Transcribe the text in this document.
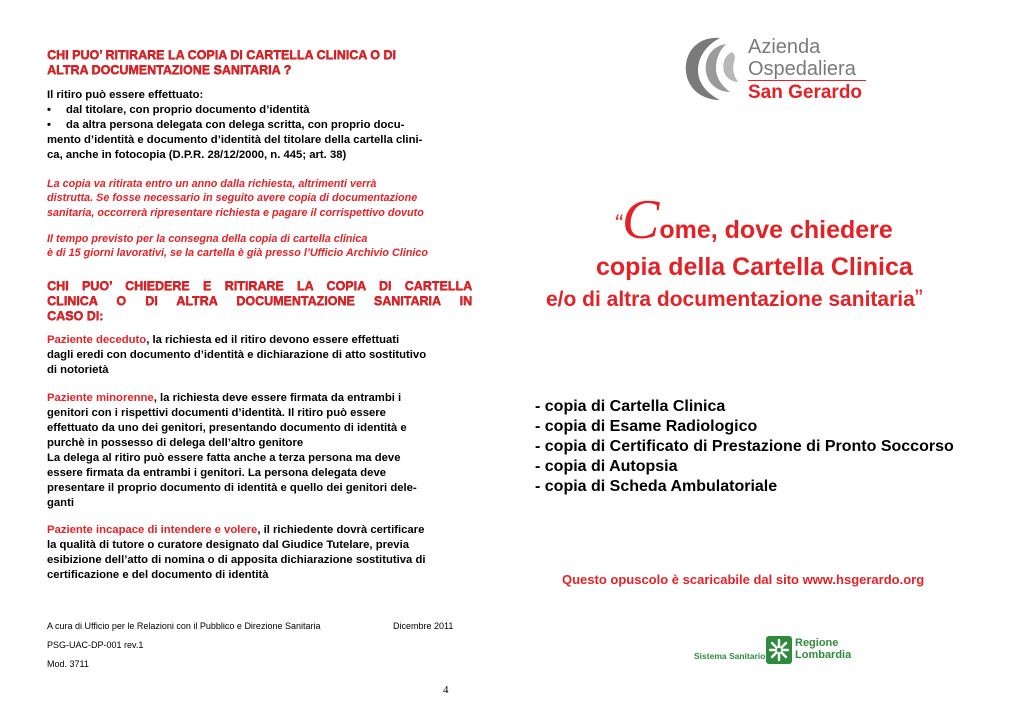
CHI PUO’ RITIRARE LA COPIA DI CARTELLA CLINICA O DI
ALTRA DOCUMENTAZIONE SANITARIA ?
Il ritiro può essere effettuato:
•	dal titolare, con proprio documento d’identità
•	da altra persona delegata con delega scritta, con proprio docu-
mento d’identità e documento d’identità del titolare della cartella clini-
ca, anche in fotocopia (D.P.R. 28/12/2000, n. 445; art. 38)
La copia va ritirata entro un anno dalla richiesta, altrimenti verrà
distrutta. Se fosse necessario in seguito avere copia di documentazione
sanitaria, occorrerà ripresentare richiesta e pagare il corrispettivo dovuto
Il tempo previsto per la consegna della copia di cartella clinica
è di 15 giorni lavorativi, se la cartella è già presso l’Ufficio Archivio Clinico
CHI PUO’ CHIEDERE E RITIRARE LA COPIA DI CARTELLA
CLINICA O DI ALTRA DOCUMENTAZIONE SANITARIA IN
CASO DI:
Paziente deceduto, la richiesta ed il ritiro devono essere effettuati
dagli eredi con documento d’identità e dichiarazione di atto sostitutivo
di notorietà
Paziente minorenne, la richiesta deve essere firmata da entrambi i
genitori con i rispettivi documenti d’identità. Il ritiro può essere
effettuato da uno dei genitori, presentando documento di identità e
purchè in possesso di delega dell’altro genitore
La delega al ritiro può essere fatta anche a terza persona ma deve
essere firmata da entrambi i genitori. La persona delegata deve
presentare il proprio documento di identità e quello dei genitori dele-
ganti
Paziente incapace di intendere e volere, il richiedente dovrà certificare
la qualità di tutore o curatore designato dal Giudice Tutelare, previa
esibizione dell’atto di nomina o di apposita dichiarazione sostitutiva di
certificazione e del documento di identità
A cura di Ufficio per le Relazioni con il Pubblico e Direzione Sanitaria	Dicembre 2011
PSG-UAC-DP-001 rev.1
Mod. 3711
4
Azienda
Ospedaliera
San Gerardo
“Come, dove chiedere
copia della Cartella Clinica
e/o di altra documentazione sanitaria”
- copia di Cartella Clinica
- copia di Esame Radiologico
- copia di Certificato di Prestazione di Pronto Soccorso
- copia di Autopsia
- copia di Scheda Ambulatoriale
Questo opuscolo è scaricabile dal sito www.hsgerardo.org
Sistema Sanitario
Regione
Lombardia
